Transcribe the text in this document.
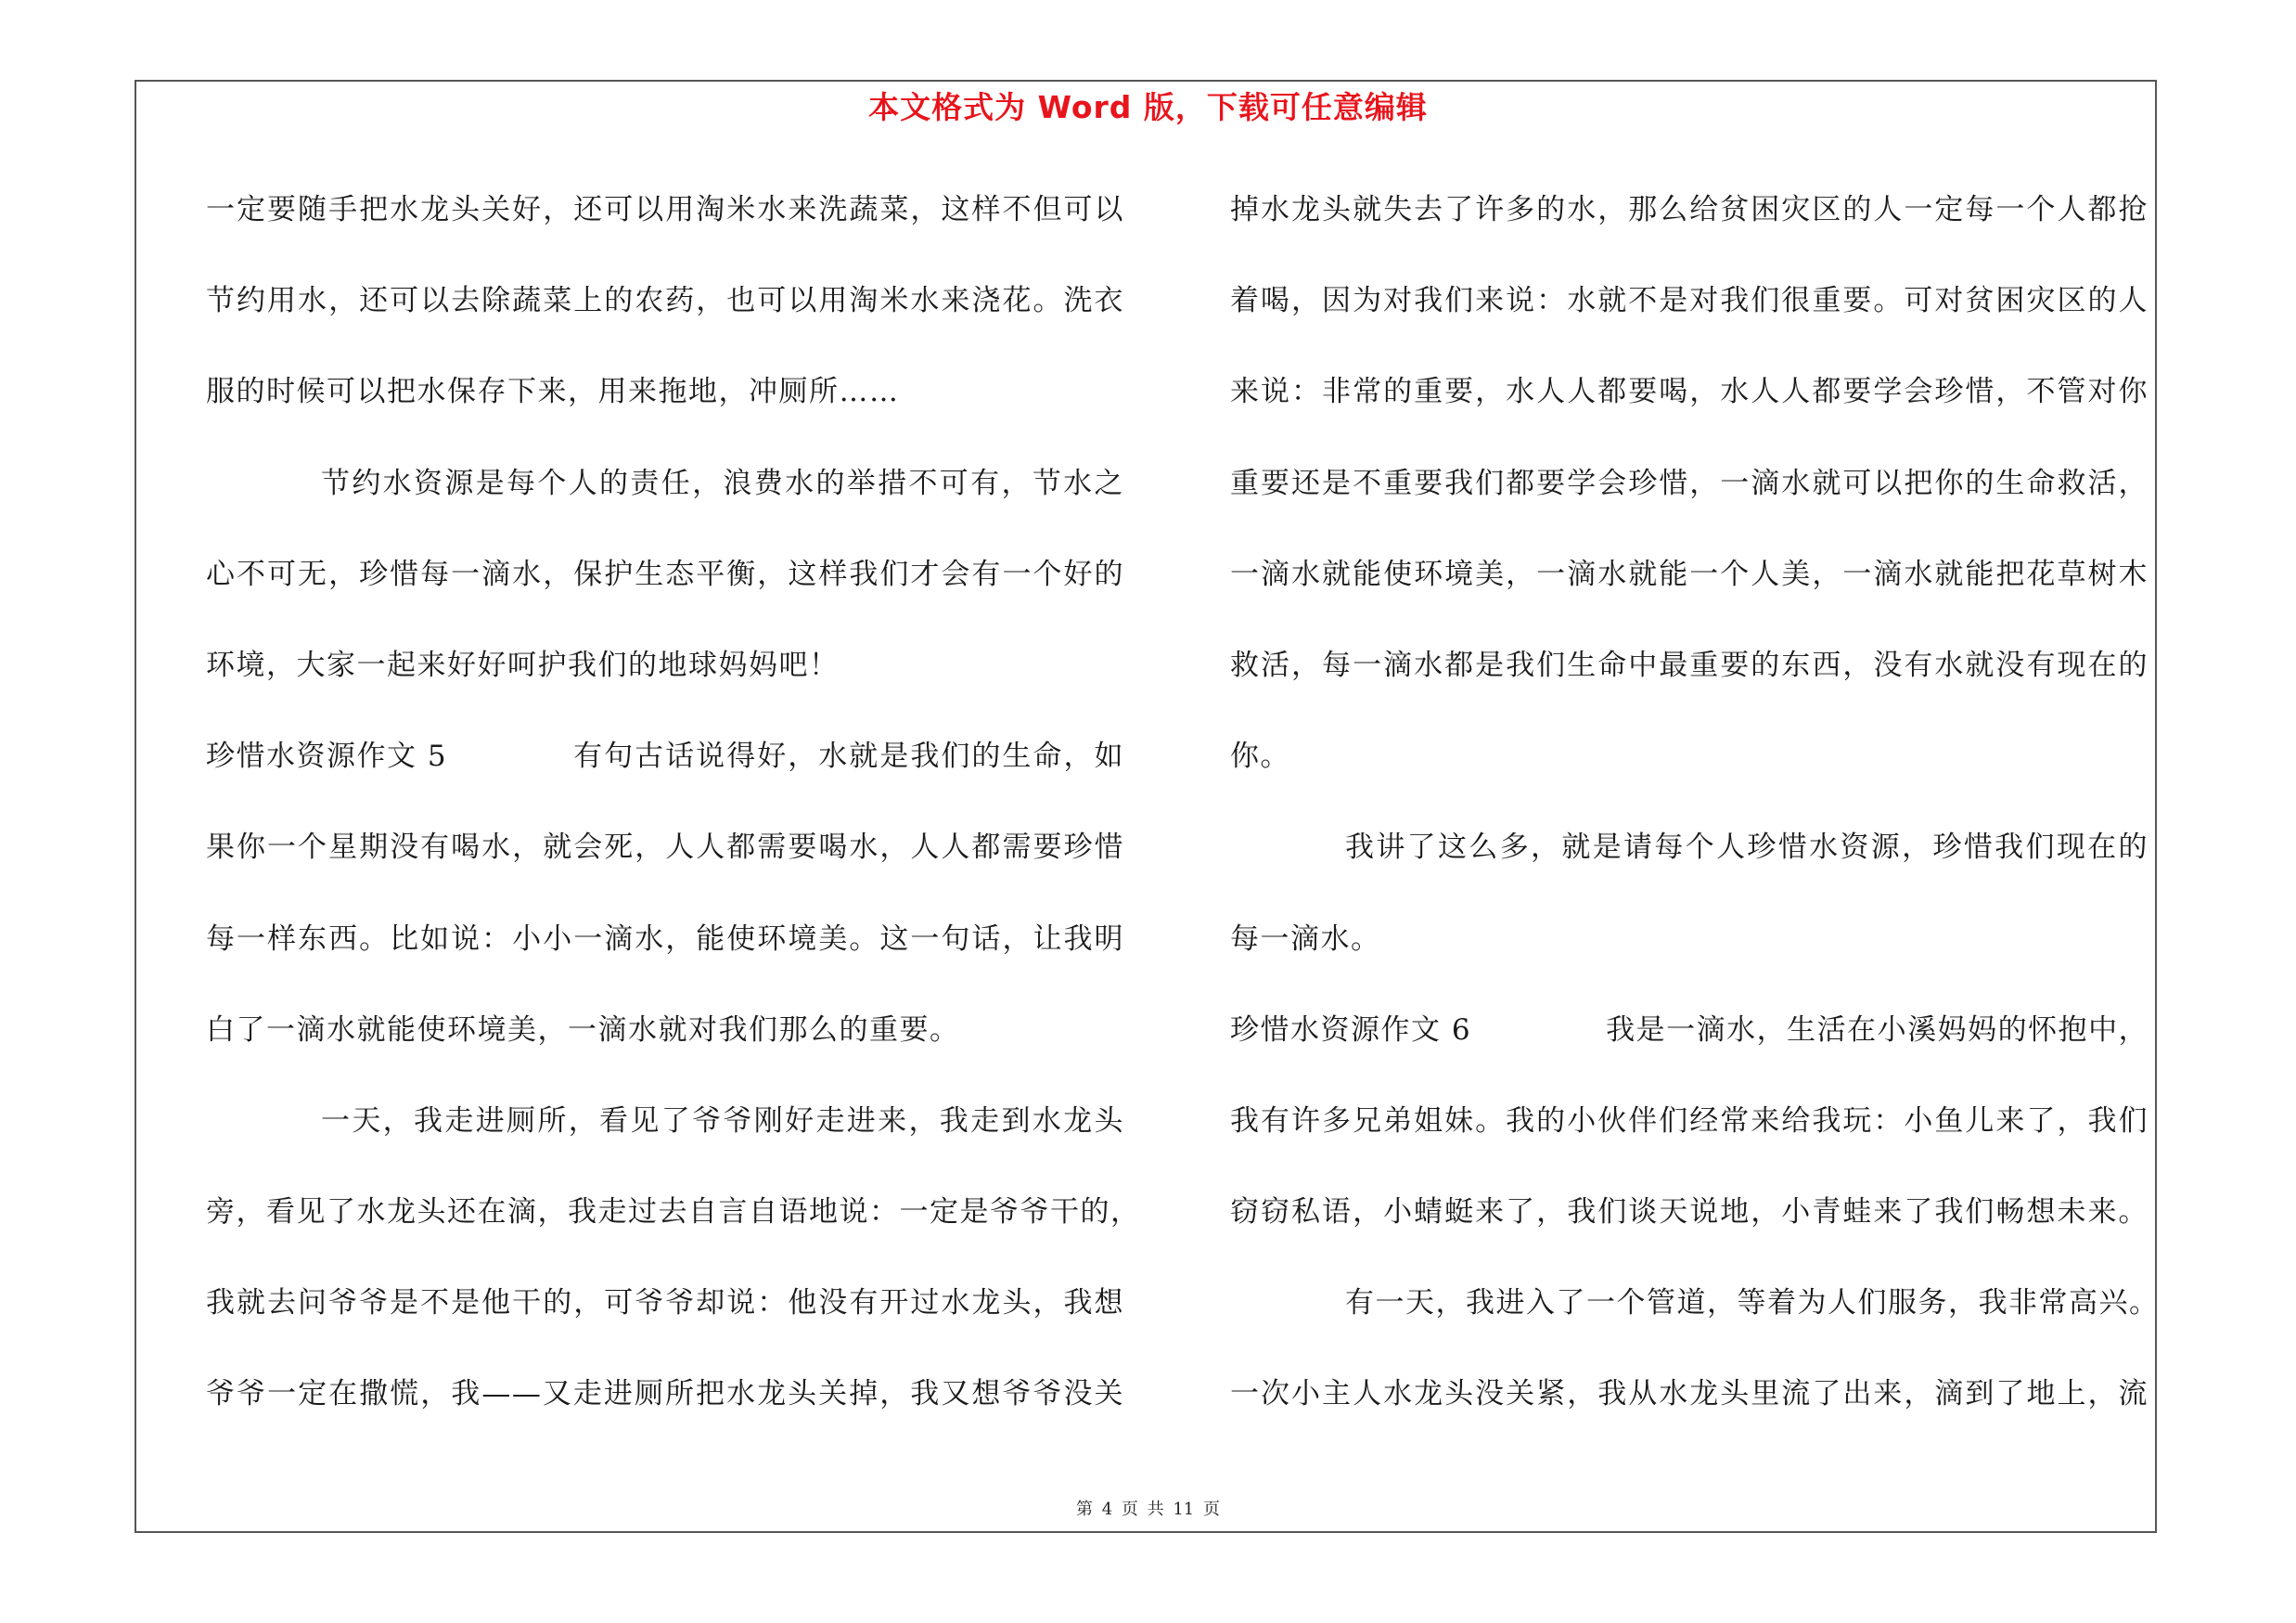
本文格式为 Word 版，下载可任意编辑
一定要随手把水龙头关好，还可以用淘米水来洗蔬菜，这样不但可以
节约用水，还可以去除蔬菜上的农药，也可以用淘米水来浇花。洗衣
服的时候可以把水保存下来，用来拖地，冲厕所……
节约水资源是每个人的责任，浪费水的举措不可有，节水之
心不可无，珍惜每一滴水，保护生态平衡，这样我们才会有一个好的
环境，大家一起来好好呵护我们的地球妈妈吧！
珍惜水资源作文 5	有句古话说得好，水就是我们的生命，如
果你一个星期没有喝水，就会死，人人都需要喝水，人人都需要珍惜
每一样东西。比如说：小小一滴水，能使环境美。这一句话，让我明
白了一滴水就能使环境美，一滴水就对我们那么的重要。
一天，我走进厕所，看见了爷爷刚好走进来，我走到水龙头
旁，看见了水龙头还在滴，我走过去自言自语地说：一定是爷爷干的，
我就去问爷爷是不是他干的，可爷爷却说：他没有开过水龙头，我想
爷爷一定在撒慌，我——又走进厕所把水龙头关掉，我又想爷爷没关
掉水龙头就失去了许多的水，那么给贫困灾区的人一定每一个人都抢
着喝，因为对我们来说：水就不是对我们很重要。可对贫困灾区的人
来说：非常的重要，水人人都要喝，水人人都要学会珍惜，不管对你
重要还是不重要我们都要学会珍惜，一滴水就可以把你的生命救活，
一滴水就能使环境美，一滴水就能一个人美，一滴水就能把花草树木
救活，每一滴水都是我们生命中最重要的东西，没有水就没有现在的
你。
我讲了这么多，就是请每个人珍惜水资源，珍惜我们现在的
每一滴水。
珍惜水资源作文 6	我是一滴水，生活在小溪妈妈的怀抱中，
我有许多兄弟姐妹。我的小伙伴们经常来给我玩：小鱼儿来了，我们
窃窃私语，小蜻蜓来了，我们谈天说地，小青蛙来了我们畅想未来。
有一天，我进入了一个管道，等着为人们服务，我非常高兴。
一次小主人水龙头没关紧，我从水龙头里流了出来，滴到了地上，流
第 4 页 共 11 页
